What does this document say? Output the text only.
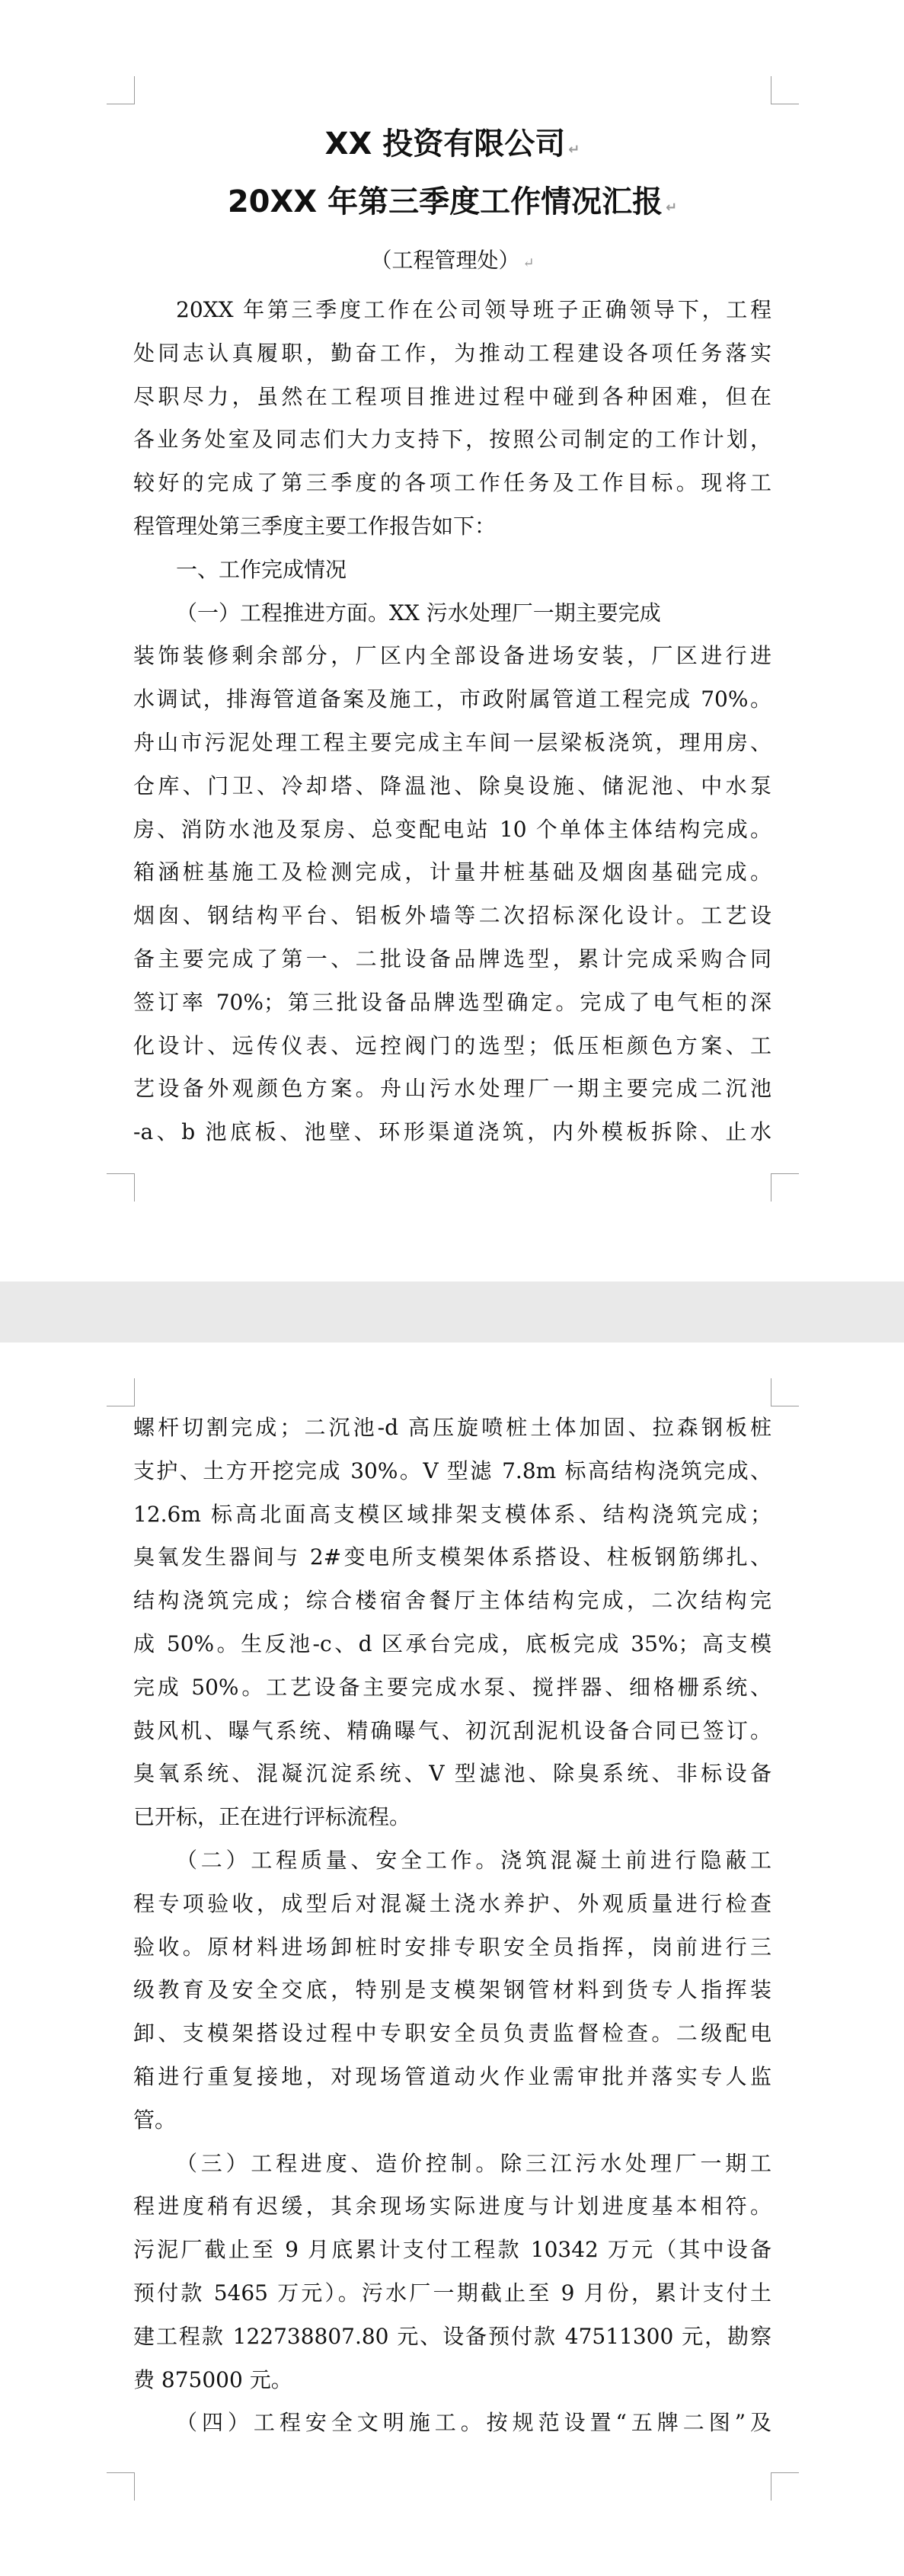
XX 投资有限公司 ↵
20XX 年第三季度工作情况汇报 ↵
（工程管理处） ↵
20XX 年第三季度工作在公司领导班子正确领导下，工程
处同志认真履职，勤奋工作，为推动工程建设各项任务落实
尽职尽力，虽然在工程项目推进过程中碰到各种困难，但在
各业务处室及同志们大力支持下，按照公司制定的工作计划，
较好的完成了第三季度的各项工作任务及工作目标。现将工
程管理处第三季度主要工作报告如下：
一、工作完成情况
（一）工程推进方面。XX 污水处理厂一期主要完成
装饰装修剩余部分，厂区内全部设备进场安装，厂区进行进
水调试，排海管道备案及施工，市政附属管道工程完成 70%。
舟山市污泥处理工程主要完成主车间一层梁板浇筑，理用房、
仓库、门卫、冷却塔、降温池、除臭设施、储泥池、中水泵
房、消防水池及泵房、总变配电站 10 个单体主体结构完成。
箱涵桩基施工及检测完成，计量井桩基础及烟囱基础完成。
烟囱、钢结构平台、铝板外墙等二次招标深化设计。工艺设
备主要完成了第一、二批设备品牌选型，累计完成采购合同
签订率 70%；第三批设备品牌选型确定。完成了电气柜的深
化设计、远传仪表、远控阀门的选型；低压柜颜色方案、工
艺设备外观颜色方案。舟山污水处理厂一期主要完成二沉池
-a、b 池底板、池壁、环形渠道浇筑，内外模板拆除、止水
螺杆切割完成；二沉池-d 高压旋喷桩土体加固、拉森钢板桩
支护、土方开挖完成 30%。V 型滤 7.8m 标高结构浇筑完成、
12.6m 标高北面高支模区域排架支模体系、结构浇筑完成；
臭氧发生器间与 2#变电所支模架体系搭设、柱板钢筋绑扎、
结构浇筑完成；综合楼宿舍餐厅主体结构完成，二次结构完
成 50%。生反池-c、d 区承台完成，底板完成 35%；高支模
完成 50%。工艺设备主要完成水泵、搅拌器、细格栅系统、
鼓风机、曝气系统、精确曝气、初沉刮泥机设备合同已签订。
臭氧系统、混凝沉淀系统、V 型滤池、除臭系统、非标设备
已开标，正在进行评标流程。
（二）工程质量、安全工作。浇筑混凝土前进行隐蔽工
程专项验收，成型后对混凝土浇水养护、外观质量进行检查
验收。原材料进场卸桩时安排专职安全员指挥，岗前进行三
级教育及安全交底，特别是支模架钢管材料到货专人指挥装
卸、支模架搭设过程中专职安全员负责监督检查。二级配电
箱进行重复接地，对现场管道动火作业需审批并落实专人监
管。
（三）工程进度、造价控制。除三江污水处理厂一期工
程进度稍有迟缓，其余现场实际进度与计划进度基本相符。
污泥厂截止至 9 月底累计支付工程款 10342 万元（其中设备
预付款 5465 万元）。污水厂一期截止至 9 月份，累计支付土
建工程款 122738807.80 元、设备预付款 47511300 元，勘察
费 875000 元。
（四）工程安全文明施工。按规范设置“五牌二图”及
